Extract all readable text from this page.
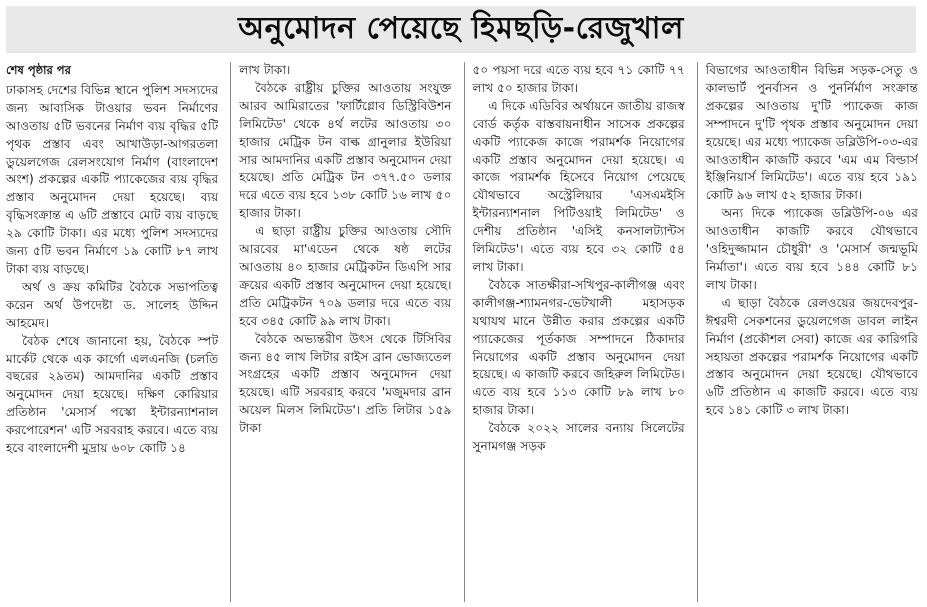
অনুমোদন পেয়েছে হিমছড়ি-রেজুখাল
শেষ পৃষ্ঠার পর

ঢাকাসহ দেশের বিভিন্ন স্থানে পুলিশ সদস্যদের জন্য আবাসিক টাওয়ার ভবন নির্মাণের আওতায় ৫টি ভবনের নির্মাণ ব্যয় বৃদ্ধির ৫টি পৃথক প্রস্তাব এবং আখাউড়া-আগরতলা ডুয়েলগেজ রেলসংযোগ নির্মাণ (বাংলাদেশ অংশ) প্রকল্পের একটি প্যাকেজের ব্যয় বৃদ্ধির প্রস্তাব অনুমোদন দেয়া হয়েছে। ব্যয় বৃদ্ধিসংক্রান্ত এ ৬টি প্রস্তাবে মোট ব্যয় বাড়ছে ২৯ কোটি টাকা। এর মধ্যে পুলিশ সদস্যদের জন্য ৫টি ভবন নির্মাণে ১৯ কোটি ৮৭ লাখ টাকা ব্যয় বাড়ছে।

অর্থ ও ক্রয় কমিটির বৈঠকে সভাপতিত্ব করেন অর্থ উপদেষ্টা ড. সালেহ উদ্দিন আহমেদ।

বৈঠক শেষে জানানো হয়, বৈঠকে স্পট মার্কেট থেকে এক কার্গো এলএনজি (চলতি বছরের ২৯তম) আমদানির একটি প্রস্তাব অনুমোদন দেয়া হয়েছে। দক্ষিণ কোরিয়ার প্রতিষ্ঠান 'মেসার্স পস্কো ইন্টারন্যাশনাল করপোরেশন' এটি সরবরাহ করবে। এতে ব্যয় হবে বাংলাদেশী মুদ্রায় ৬০৮ কোটি ১৪

লাখ টাকা।

বৈঠকে রাষ্ট্রীয় চুক্তির আওতায় সংযুক্ত আরব আমিরাতের 'ফার্টিগ্লোব ডিস্ট্রিবিউশন লিমিটেড' থেকে ৪র্থ লটের আওতায় ৩০ হাজার মেট্রিক টন বাল্ক গ্রানুলার ইউরিয়া সার আমদানির একটি প্রস্তাব অনুমোদন দেয়া হয়েছে। প্রতি মেট্রিক টন ৩৭৭.৫০ ডলার দরে এতে ব্যয় হবে ১৩৮ কোটি ১৬ লাখ ৫০ হাজার টাকা।

এ ছাড়া রাষ্ট্রীয় চুক্তির আওতায় সৌদি আরবের মা'এডেন থেকে ষষ্ঠ লটের আওতায় ৪০ হাজার মেট্রিকটন ডিএপি সার ক্রয়ের একটি প্রস্তাব অনুমোদন দেয়া হয়েছে। প্রতি মেট্রিকটন ৭০৯ ডলার দরে এতে ব্যয় হবে ৩৪৫ কোটি ৯৯ লাখ টাকা।

বৈঠকে অভ্যন্তরীণ উৎস থেকে টিসিবির জন্য ৪৫ লাখ লিটার রাইস ব্রান ভোজ্যতেল সংগ্রহের একটি প্রস্তাব অনুমোদন দেয়া হয়েছে। এটি সরবরাহ করবে 'মজুমদার ব্রান অয়েল মিলস লিমিটেড'। প্রতি লিটার ১৫৯ টাকা

৫০ পয়সা দরে এতে ব্যয় হবে ৭১ কোটি ৭৭ লাখ ৫০ হাজার টাকা।

এ দিকে এডিবির অর্থায়নে জাতীয় রাজস্ব বোর্ড কর্তৃক বাস্তবায়নাধীন সাসেক প্রকল্পের একটি প্যাকেজ কাজে পরামর্শক নিয়োগের একটি প্রস্তাব অনুমোদন দেয়া হয়েছে। এ কাজে পরামর্শক হিসেবে নিয়োগ পেয়েছে যৌথভাবে অস্ট্রেলিয়ার 'এসএমইসি ইন্টারন্যাশনাল পিটিওয়াই লিমিটেড' ও দেশীয় প্রতিষ্ঠান 'এসিই কনসালট্যান্টস লিমিটেড'। এতে ব্যয় হবে ৩২ কোটি ৫৪ লাখ টাকা।

বৈঠকে সাতক্ষীরা-সখিপুর-কালীগঞ্জ এবং কালীগঞ্জ-শ্যামনগর-ভেটখালী মহাসড়ক যথাযথ মানে উন্নীত করার প্রকল্পের একটি প্যাকেজের পূর্তকাজ সম্পাদনে ঠিকাদার নিয়োগের একটি প্রস্তাব অনুমোদন দেয়া হয়েছে। এ কাজটি করবে জহিরুল লিমিটেড। এতে ব্যয় হবে ১১৩ কোটি ৮৯ লাখ ৮০ হাজার টাকা।

বৈঠকে ২০২২ সালের বন্যায় সিলেটের সুনামগঞ্জ সড়ক

বিভাগের আওতাধীন বিভিন্ন সড়ক-সেতু ও কালভার্ট পুনর্বাসন ও পুনর্নির্মাণ সংক্রান্ত প্রকল্পের আওতায় দু'টি প্যাকেজ কাজ সম্পাদনে দু'টি পৃথক প্রস্তাব অনুমোদন দেয়া হয়েছে। এর মধ্যে প্যাকেজ ডব্লিউপি-০৩-এর আওতাধীন কাজটি করবে 'এম এম বিল্ডার্স ইঞ্জিনিয়ার্স লিমিটেড'। এতে ব্যয় হবে ১৯১ কোটি ৯৬ লাখ ৫২ হাজার টাকা।

অন্য দিকে প্যাকেজ ডব্লিউপি-০৬ এর আওতাধীন কাজটি করবে যৌথভাবে 'ওহিদুজ্জামান চৌধুরী' ও 'মেসার্স জন্মভূমি নির্মাতা'। এতে ব্যয় হবে ১৪৪ কোটি ৮১ লাখ টাকা।

এ ছাড়া বৈঠকে রেলওয়ের জয়দেবপুর-ঈশ্বরদী সেকশনের ডুয়েলগেজ ডাবল লাইন নির্মাণ (প্রকৌশল সেবা) কাজে এর কারিগরি সহায়তা প্রকল্পের পরামর্শক নিয়োগের একটি প্রস্তাব অনুমোদন দেয়া হয়েছে। যৌথভাবে ৬টি প্রতিষ্ঠান এ কাজটি করবে। এতে ব্যয় হবে ১৪১ কোটি ৩ লাখ টাকা।
